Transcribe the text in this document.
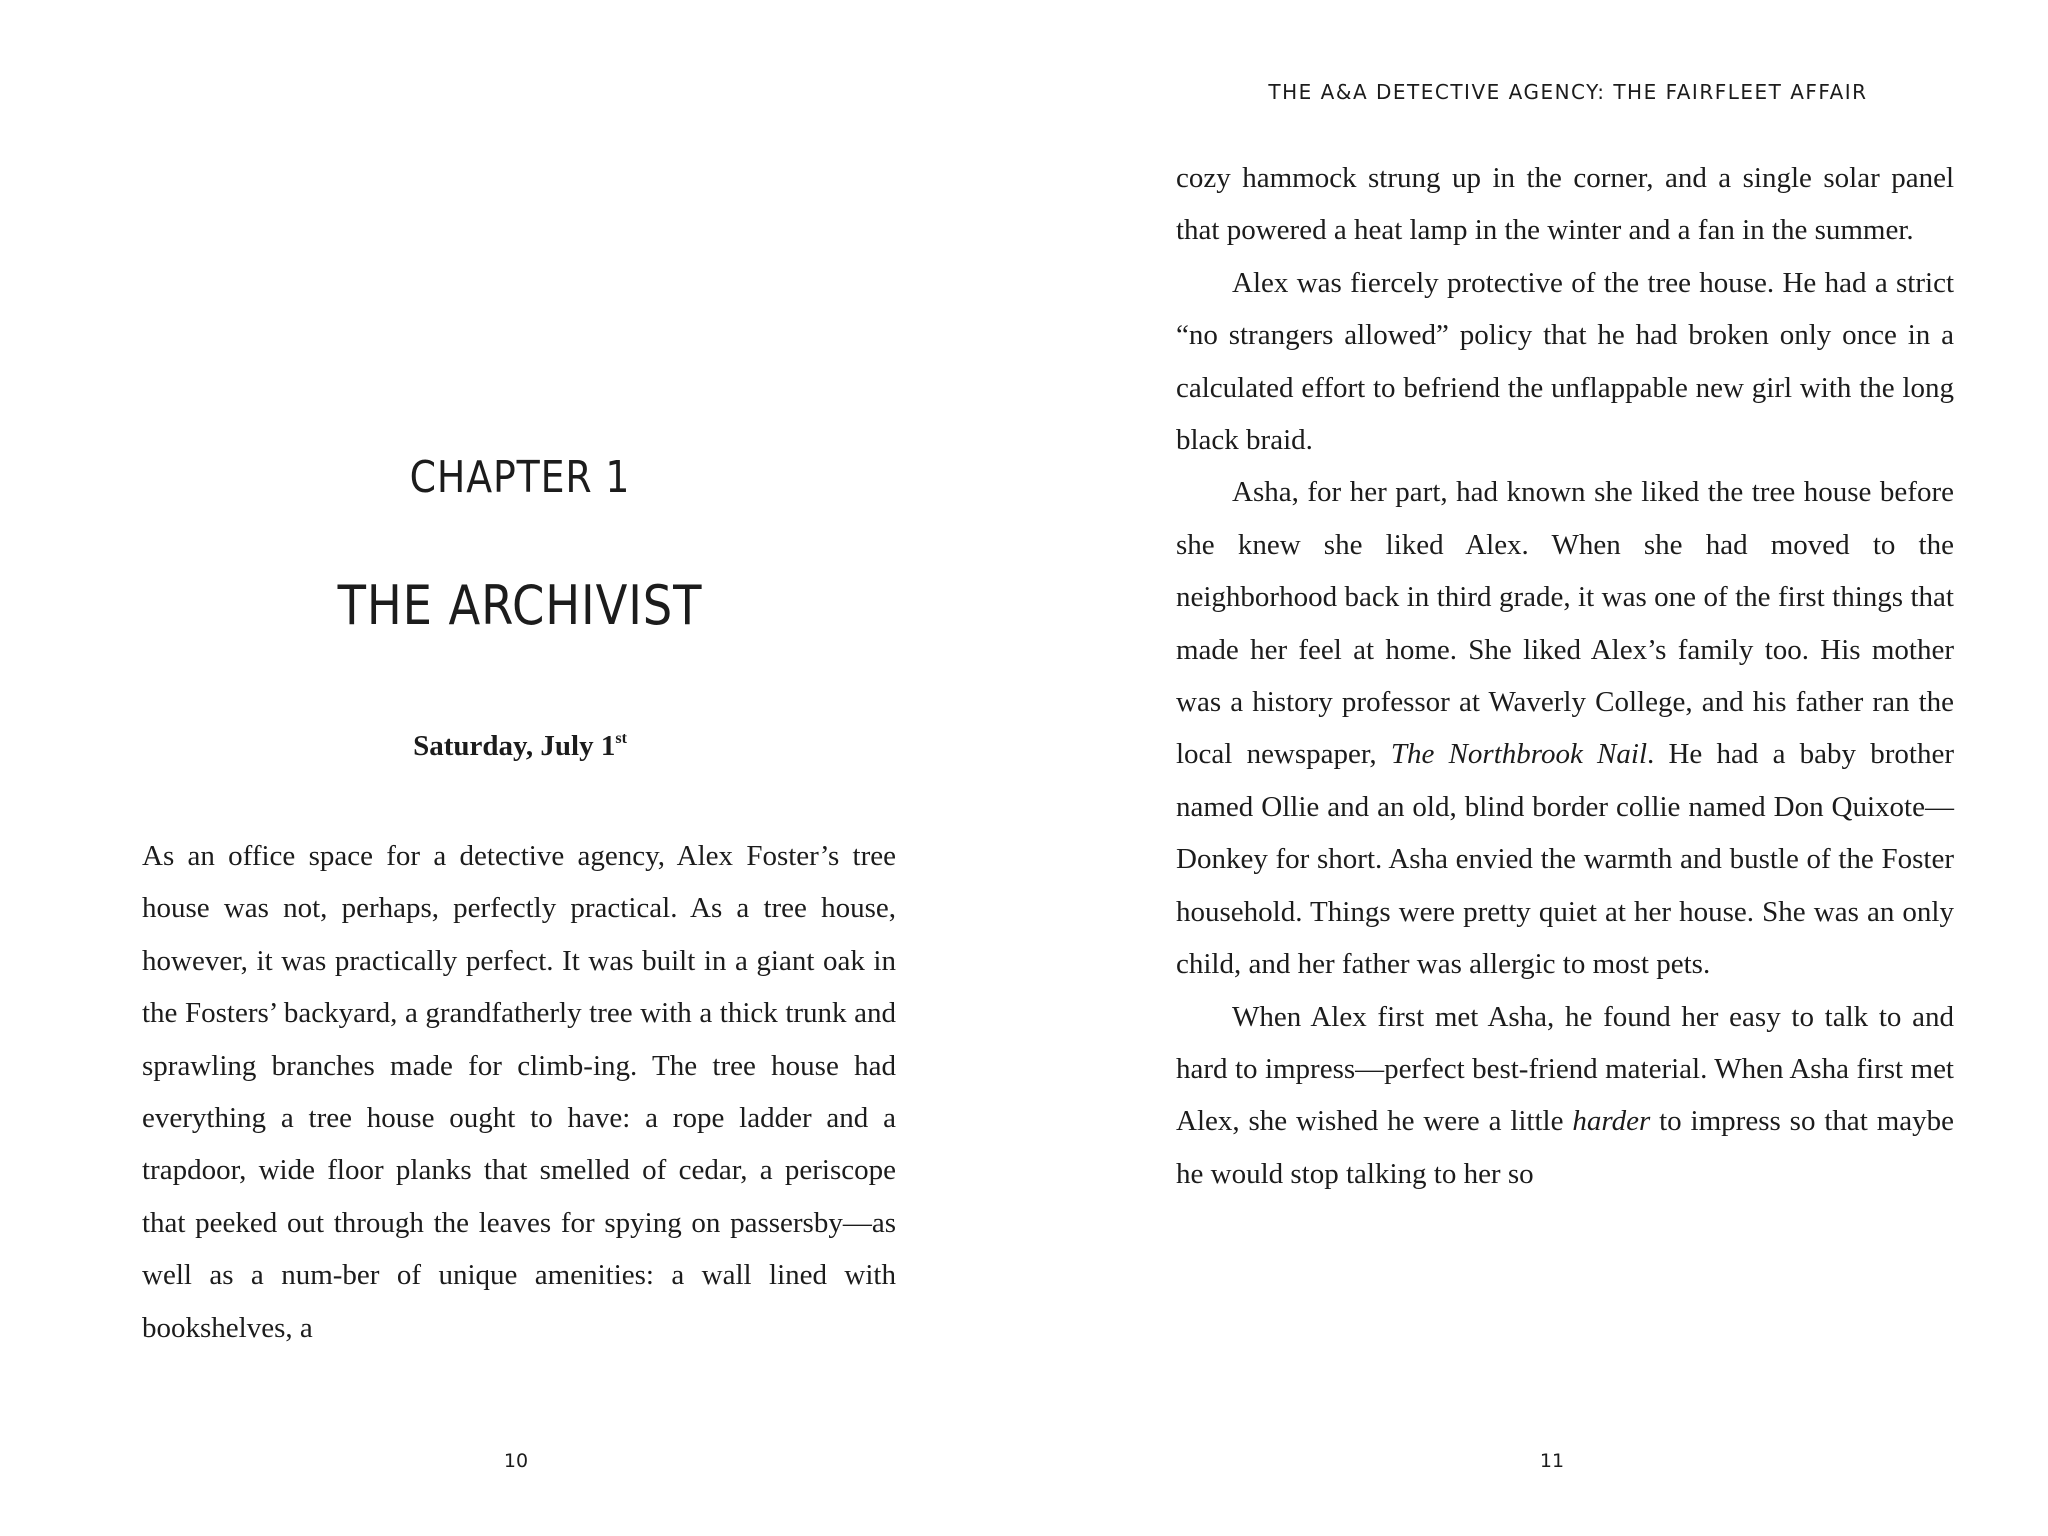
CHAPTER 1
THE ARCHIVIST
Saturday, July 1st

As an office space for a detective agency, Alex Foster’s tree house was not, perhaps, perfectly practical. As a tree house, however, it was practically perfect. It was built in a giant oak in the Fosters’ backyard, a grandfatherly tree with a thick trunk and sprawling branches made for climb-ing. The tree house had everything a tree house ought to have: a rope ladder and a trapdoor, wide floor planks that smelled of cedar, a periscope that peeked out through the leaves for spying on passersby—as well as a num-ber of unique amenities: a wall lined with bookshelves, a

10
THE A&A DETECTIVE AGENCY: THE FAIRFLEET AFFAIR

cozy hammock strung up in the corner, and a single solar panel that powered a heat lamp in the winter and a fan in the summer.

Alex was fiercely protective of the tree house. He had a strict “no strangers allowed” policy that he had broken only once in a calculated effort to befriend the unflappable new girl with the long black braid.

Asha, for her part, had known she liked the tree house before she knew she liked Alex. When she had moved to the neighborhood back in third grade, it was one of the first things that made her feel at home. She liked Alex’s family too. His mother was a history professor at Waverly College, and his father ran the local newspaper, The Northbrook Nail. He had a baby brother named Ollie and an old, blind border collie named Don Quixote—Donkey for short. Asha envied the warmth and bustle of the Foster household. Things were pretty quiet at her house. She was an only child, and her father was allergic to most pets.

When Alex first met Asha, he found her easy to talk to and hard to impress—perfect best-friend material. When Asha first met Alex, she wished he were a little harder to impress so that maybe he would stop talking to her so

11
